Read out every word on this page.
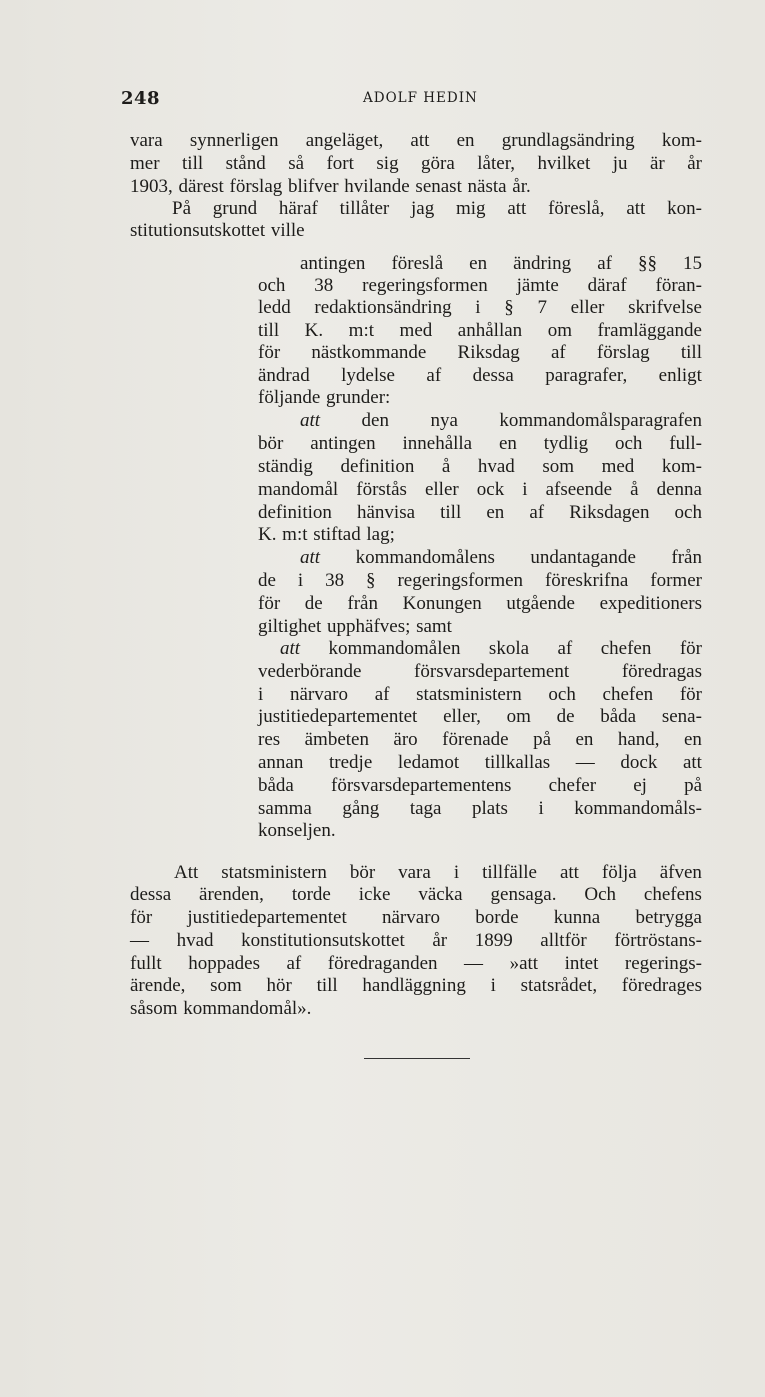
248	ADOLF HEDIN
vara synnerligen angeläget, att en grundlagsändring kom-
mer till stånd så fort sig göra låter, hvilket ju är år
1903, därest förslag blifver hvilande senast nästa år.
På grund häraf tillåter jag mig att föreslå, att kon-
stitutionsutskottet ville
antingen föreslå en ändring af §§ 15
och 38 regeringsformen jämte däraf föran-
ledd redaktionsändring i § 7 eller skrifvelse
till K. m:t med anhållan om framläggande
för nästkommande Riksdag af förslag till
ändrad lydelse af dessa paragrafer, enligt
följande grunder:
att den nya kommandomålsparagrafen
bör antingen innehålla en tydlig och full-
ständig definition å hvad som med kom-
mandomål förstås eller ock i afseende å denna
definition hänvisa till en af Riksdagen och
K. m:t stiftad lag;
att kommandomålens undantagande från
de i 38 § regeringsformen föreskrifna former
för de från Konungen utgående expeditioners
giltighet upphäfves; samt
att kommandomålen skola af chefen för
vederbörande	försvarsdepartement	föredragas
i närvaro af statsministern och chefen för
justitiedepartementet eller, om de båda sena-
res ämbeten äro förenade på en hand, en
annan tredje ledamot tillkallas — dock att
båda försvarsdepartementens chefer ej på
samma gång taga plats i kommandomåls-
konseljen.
Att statsministern bör vara i tillfälle att följa äfven
dessa ärenden, torde icke väcka gensaga. Och chefens
för justitiedepartementet närvaro borde kunna betrygga
— hvad konstitutionsutskottet år 1899 alltför förtröstans-
fullt hoppades af föredraganden — »att intet regerings-
ärende, som hör till handläggning i statsrådet, föredrages
såsom kommandomål».
